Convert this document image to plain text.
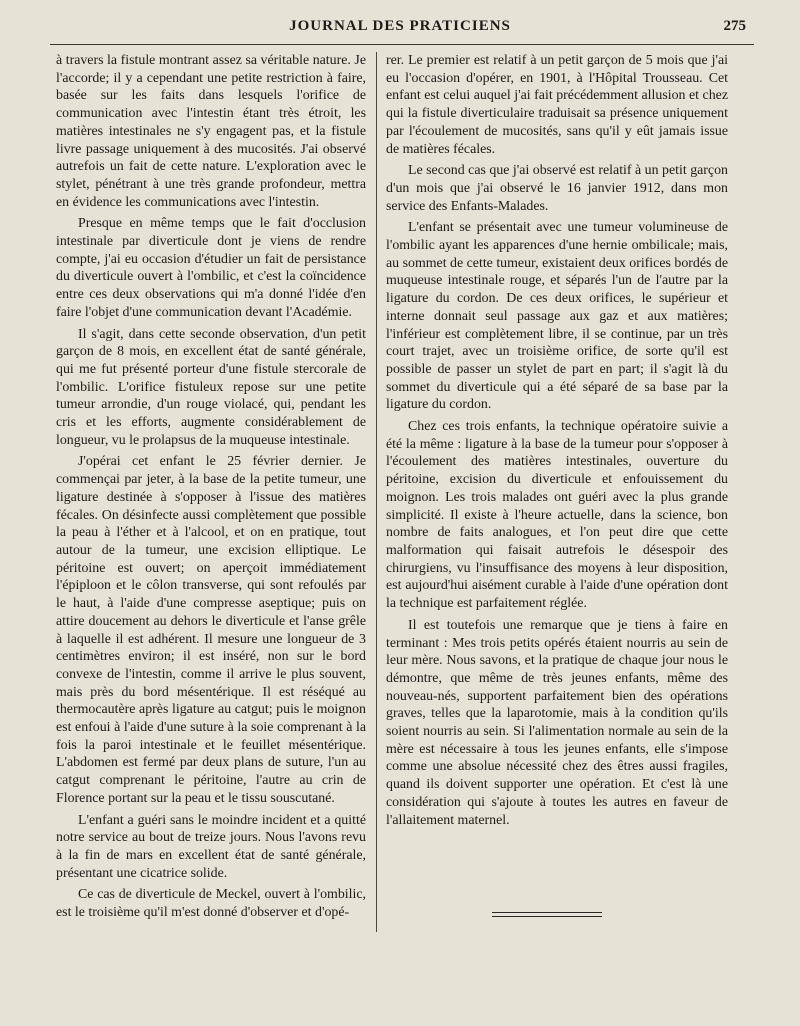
JOURNAL DES PRATICIENS	275

à travers la fistule montrant assez sa véritable nature. Je l'accorde; il y a cependant une petite restriction à faire, basée sur les faits dans lesquels l'orifice de communication avec l'intestin étant très étroit, les matières intestinales ne s'y engagent pas, et la fistule livre passage uniquement à des mucosités. J'ai observé autrefois un fait de cette nature. L'exploration avec le stylet, pénétrant à une très grande profondeur, mettra en évidence les communications avec l'intestin.

Presque en même temps que le fait d'occlusion intestinale par diverticule dont je viens de rendre compte, j'ai eu occasion d'étudier un fait de persistance du diverticule ouvert à l'ombilic, et c'est la coïncidence entre ces deux observations qui m'a donné l'idée d'en faire l'objet d'une communication devant l'Académie.

Il s'agit, dans cette seconde observation, d'un petit garçon de 8 mois, en excellent état de santé générale, qui me fut présenté porteur d'une fistule stercorale de l'ombilic. L'orifice fistuleux repose sur une petite tumeur arrondie, d'un rouge violacé, qui, pendant les cris et les efforts, augmente considérablement de longueur, vu le prolapsus de la muqueuse intestinale.

J'opérai cet enfant le 25 février dernier. Je commençai par jeter, à la base de la petite tumeur, une ligature destinée à s'opposer à l'issue des matières fécales. On désinfecte aussi complètement que possible la peau à l'éther et à l'alcool, et on en pratique, tout autour de la tumeur, une excision elliptique. Le péritoine est ouvert; on aperçoit immédiatement l'épiploon et le côlon transverse, qui sont refoulés par le haut, à l'aide d'une compresse aseptique; puis on attire doucement au dehors le diverticule et l'anse grêle à laquelle il est adhérent. Il mesure une longueur de 3 centimètres environ; il est inséré, non sur le bord convexe de l'intestin, comme il arrive le plus souvent, mais près du bord mésentérique. Il est réséqué au thermocautère après ligature au catgut; puis le moignon est enfoui à l'aide d'une suture à la soie comprenant à la fois la paroi intestinale et le feuillet mésentérique. L'abdomen est fermé par deux plans de suture, l'un au catgut comprenant le péritoine, l'autre au crin de Florence portant sur la peau et le tissu souscutané.

L'enfant a guéri sans le moindre incident et a quitté notre service au bout de treize jours. Nous l'avons revu à la fin de mars en excellent état de santé générale, présentant une cicatrice solide.

Ce cas de diverticule de Meckel, ouvert à l'ombilic, est le troisième qu'il m'est donné d'observer et d'opé-

rer. Le premier est relatif à un petit garçon de 5 mois que j'ai eu l'occasion d'opérer, en 1901, à l'Hôpital Trousseau. Cet enfant est celui auquel j'ai fait précédemment allusion et chez qui la fistule diverticulaire traduisait sa présence uniquement par l'écoulement de mucosités, sans qu'il y eût jamais issue de matières fécales.

Le second cas que j'ai observé est relatif à un petit garçon d'un mois que j'ai observé le 16 janvier 1912, dans mon service des Enfants-Malades.

L'enfant se présentait avec une tumeur volumineuse de l'ombilic ayant les apparences d'une hernie ombilicale; mais, au sommet de cette tumeur, existaient deux orifices bordés de muqueuse intestinale rouge, et séparés l'un de l'autre par la ligature du cordon. De ces deux orifices, le supérieur et interne donnait seul passage aux gaz et aux matières; l'inférieur est complètement libre, il se continue, par un très court trajet, avec un troisième orifice, de sorte qu'il est possible de passer un stylet de part en part; il s'agit là du sommet du diverticule qui a été séparé de sa base par la ligature du cordon.

Chez ces trois enfants, la technique opératoire suivie a été la même : ligature à la base de la tumeur pour s'opposer à l'écoulement des matières intestinales, ouverture du péritoine, excision du diverticule et enfouissement du moignon. Les trois malades ont guéri avec la plus grande simplicité. Il existe à l'heure actuelle, dans la science, bon nombre de faits analogues, et l'on peut dire que cette malformation qui faisait autrefois le désespoir des chirurgiens, vu l'insuffisance des moyens à leur disposition, est aujourd'hui aisément curable à l'aide d'une opération dont la technique est parfaitement réglée.

Il est toutefois une remarque que je tiens à faire en terminant : Mes trois petits opérés étaient nourris au sein de leur mère. Nous savons, et la pratique de chaque jour nous le démontre, que même de très jeunes enfants, même des nouveau-nés, supportent parfaitement bien des opérations graves, telles que la laparotomie, mais à la condition qu'ils soient nourris au sein. Si l'alimentation normale au sein de la mère est nécessaire à tous les jeunes enfants, elle s'impose comme une absolue nécessité chez des êtres aussi fragiles, quand ils doivent supporter une opération. Et c'est là une considération qui s'ajoute à toutes les autres en faveur de l'allaitement maternel.
